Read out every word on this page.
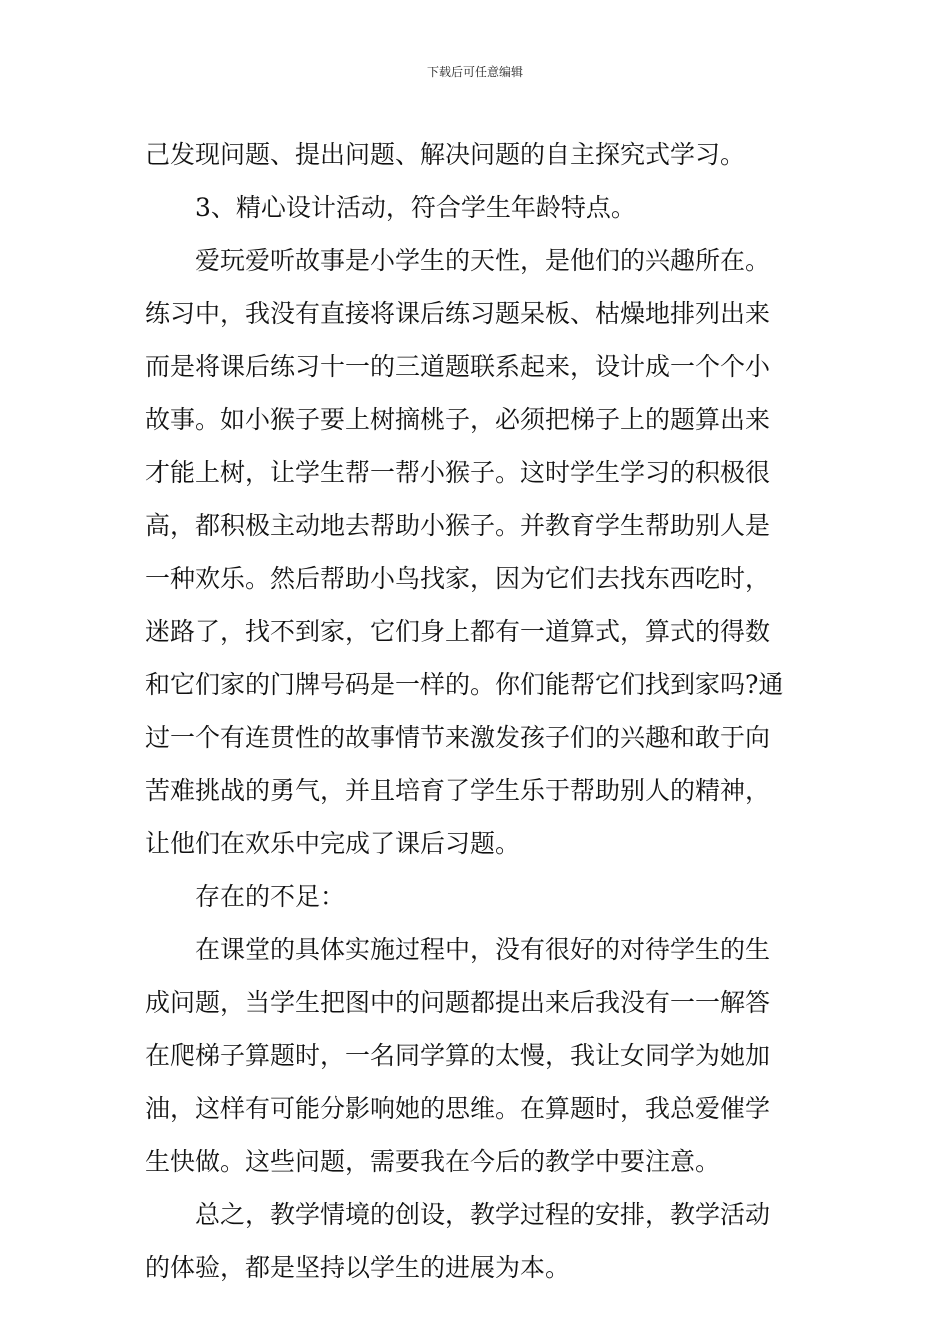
下载后可任意编辑
己发现问题、提出问题、解决问题的自主探究式学习。
3、精心设计活动，符合学生年龄特点。
爱玩爱听故事是小学生的天性，是他们的兴趣所在。
练习中，我没有直接将课后练习题呆板、枯燥地排列出来
而是将课后练习十一的三道题联系起来，设计成一个个小
故事。如小猴子要上树摘桃子，必须把梯子上的题算出来
才能上树，让学生帮一帮小猴子。这时学生学习的积极很
高，都积极主动地去帮助小猴子。并教育学生帮助别人是
一种欢乐。然后帮助小鸟找家，因为它们去找东西吃时，
迷路了，找不到家，它们身上都有一道算式，算式的得数
和它们家的门牌号码是一样的。你们能帮它们找到家吗?通
过一个有连贯性的故事情节来激发孩子们的兴趣和敢于向
苦难挑战的勇气，并且培育了学生乐于帮助别人的精神，
让他们在欢乐中完成了课后习题。
存在的不足：
在课堂的具体实施过程中，没有很好的对待学生的生
成问题，当学生把图中的问题都提出来后我没有一一解答
在爬梯子算题时，一名同学算的太慢，我让女同学为她加
油，这样有可能分影响她的思维。在算题时，我总爱催学
生快做。这些问题，需要我在今后的教学中要注意。
总之，教学情境的创设，教学过程的安排，教学活动
的体验，都是坚持以学生的进展为本。
